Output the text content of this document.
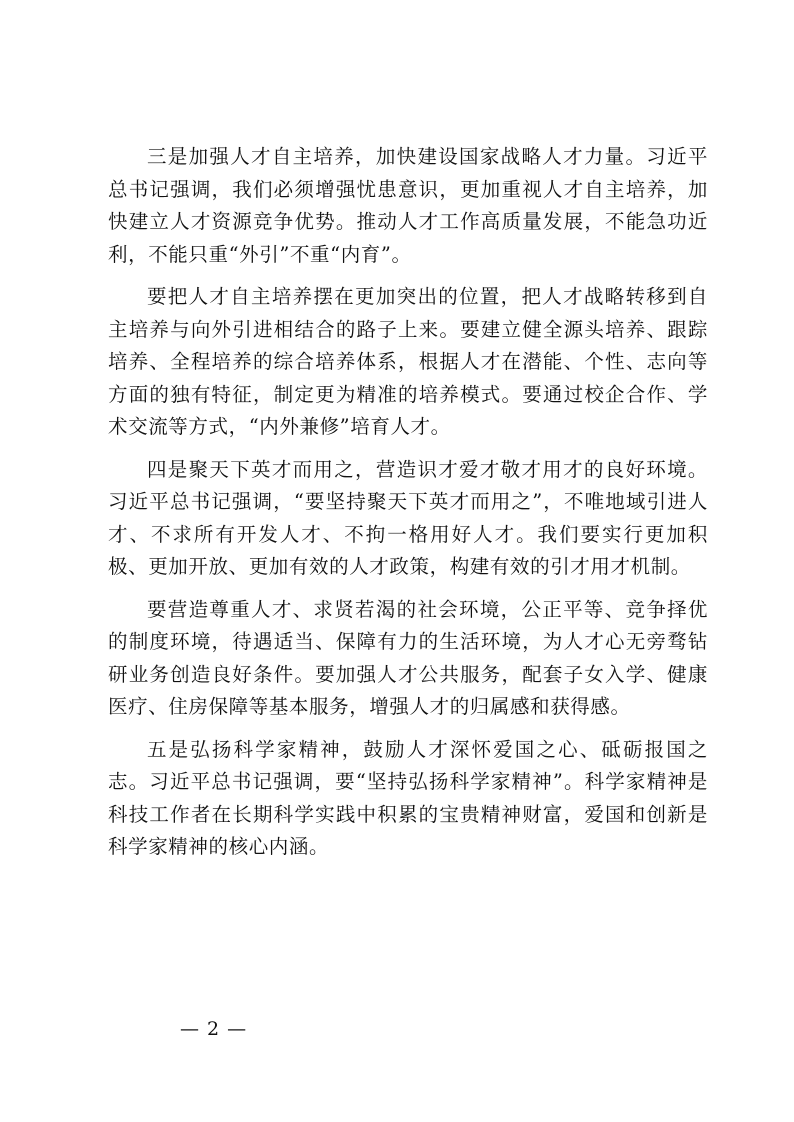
三是加强人才自主培养，加快建设国家战略人才力量。习近平总书记强调，我们必须增强忧患意识，更加重视人才自主培养，加快建立人才资源竞争优势。推动人才工作高质量发展，不能急功近利，不能只重“外引”不重“内育”。

要把人才自主培养摆在更加突出的位置，把人才战略转移到自主培养与向外引进相结合的路子上来。要建立健全源头培养、跟踪培养、全程培养的综合培养体系，根据人才在潜能、个性、志向等方面的独有特征，制定更为精准的培养模式。要通过校企合作、学术交流等方式，“内外兼修”培育人才。

四是聚天下英才而用之，营造识才爱才敬才用才的良好环境。习近平总书记强调，“要坚持聚天下英才而用之”，不唯地域引进人才、不求所有开发人才、不拘一格用好人才。我们要实行更加积极、更加开放、更加有效的人才政策，构建有效的引才用才机制。

要营造尊重人才、求贤若渴的社会环境，公正平等、竞争择优的制度环境，待遇适当、保障有力的生活环境，为人才心无旁骛钻研业务创造良好条件。要加强人才公共服务，配套子女入学、健康医疗、住房保障等基本服务，增强人才的归属感和获得感。

五是弘扬科学家精神，鼓励人才深怀爱国之心、砥砺报国之志。习近平总书记强调，要“坚持弘扬科学家精神”。科学家精神是科技工作者在长期科学实践中积累的宝贵精神财富，爱国和创新是科学家精神的核心内涵。

— 2 —
